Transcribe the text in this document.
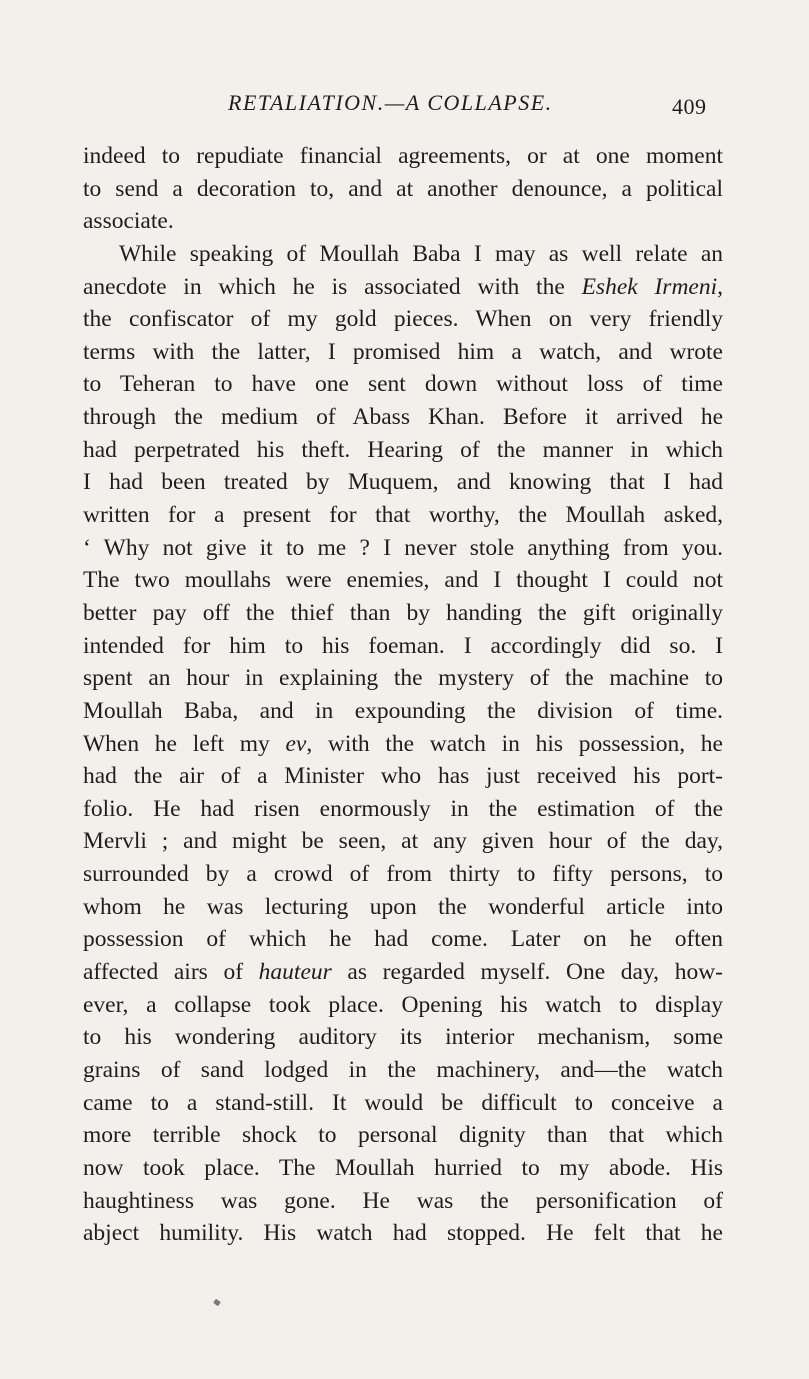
RETALIATION.—A COLLAPSE.	409
indeed to repudiate financial agreements, or at one moment
to send a decoration to, and at another denounce, a political
associate.
While speaking of Moullah Baba I may as well relate an
anecdote in which he is associated with the Eshek Irmeni,
the confiscator of my gold pieces. When on very friendly
terms with the latter, I promised him a watch, and wrote
to Teheran to have one sent down without loss of time
through the medium of Abass Khan. Before it arrived he
had perpetrated his theft. Hearing of the manner in which
I had been treated by Muquem, and knowing that I had
written for a present for that worthy, the Moullah asked,
‘ Why not give it to me ? I never stole anything from you.
The two moullahs were enemies, and I thought I could not
better pay off the thief than by handing the gift originally
intended for him to his foeman. I accordingly did so. I
spent an hour in explaining the mystery of the machine to
Moullah Baba, and in expounding the division of time.
When he left my ev, with the watch in his possession, he
had the air of a Minister who has just received his port-
folio. He had risen enormously in the estimation of the
Mervli ; and might be seen, at any given hour of the day,
surrounded by a crowd of from thirty to fifty persons, to
whom he was lecturing upon the wonderful article into
possession of which he had come. Later on he often
affected airs of hauteur as regarded myself. One day, how-
ever, a collapse took place. Opening his watch to display
to his wondering auditory its interior mechanism, some
grains of sand lodged in the machinery, and—the watch
came to a stand-still. It would be difficult to conceive a
more terrible shock to personal dignity than that which
now took place. The Moullah hurried to my abode. His
haughtiness was gone. He was the personification of
abject humility. His watch had stopped. He felt that he
